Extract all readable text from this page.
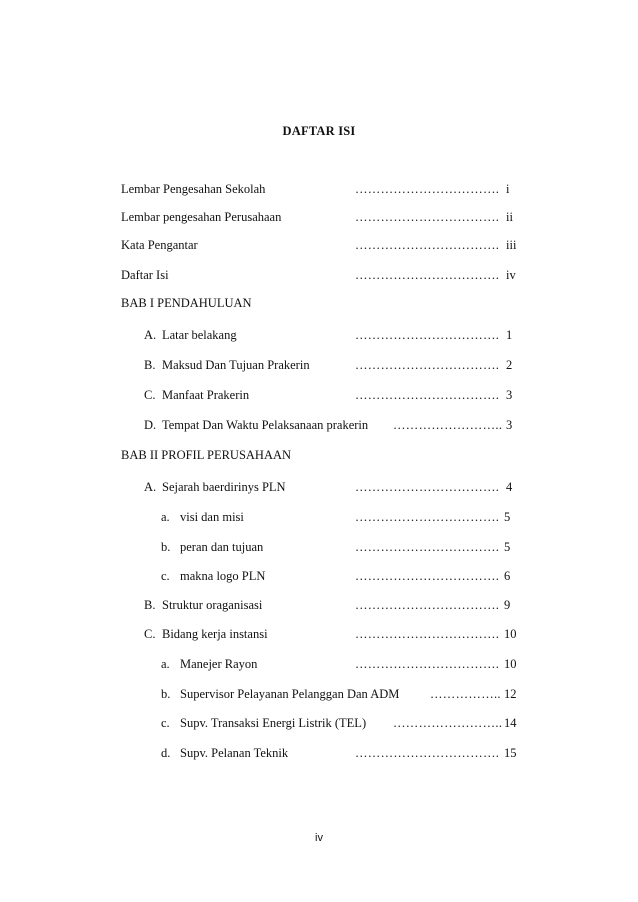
DAFTAR ISI
Lembar Pengesahan Sekolah	……………………………. i
Lembar pengesahan Perusahaan	……………………………. ii
Kata Pengantar	……………………………. iii
Daftar Isi	……………………………. iv
BAB I PENDAHULUAN
A. Latar belakang	……………………………. 1
B. Maksud Dan Tujuan Prakerin	……………………………. 2
C. Manfaat Prakerin	……………………………. 3
D. Tempat Dan Waktu Pelaksanaan prakerin …………………….. 3
BAB II PROFIL PERUSAHAAN
A. Sejarah baerdirinys PLN	……………………………. 4
a. visi dan misi	……………………………. 5
b. peran dan tujuan	……………………………. 5
c. makna logo PLN	……………………………. 6
B. Struktur oraganisasi	……………………………. 9
C. Bidang kerja instansi	……………………………. 10
a. Manejer Rayon	……………………………. 10
b. Supervisor Pelayanan Pelanggan Dan ADM …………….. 12
c. Supv. Transaksi Energi Listrik (TEL) …………………….. 14
d. Supv. Pelanan Teknik	……………………………. 15
iv
